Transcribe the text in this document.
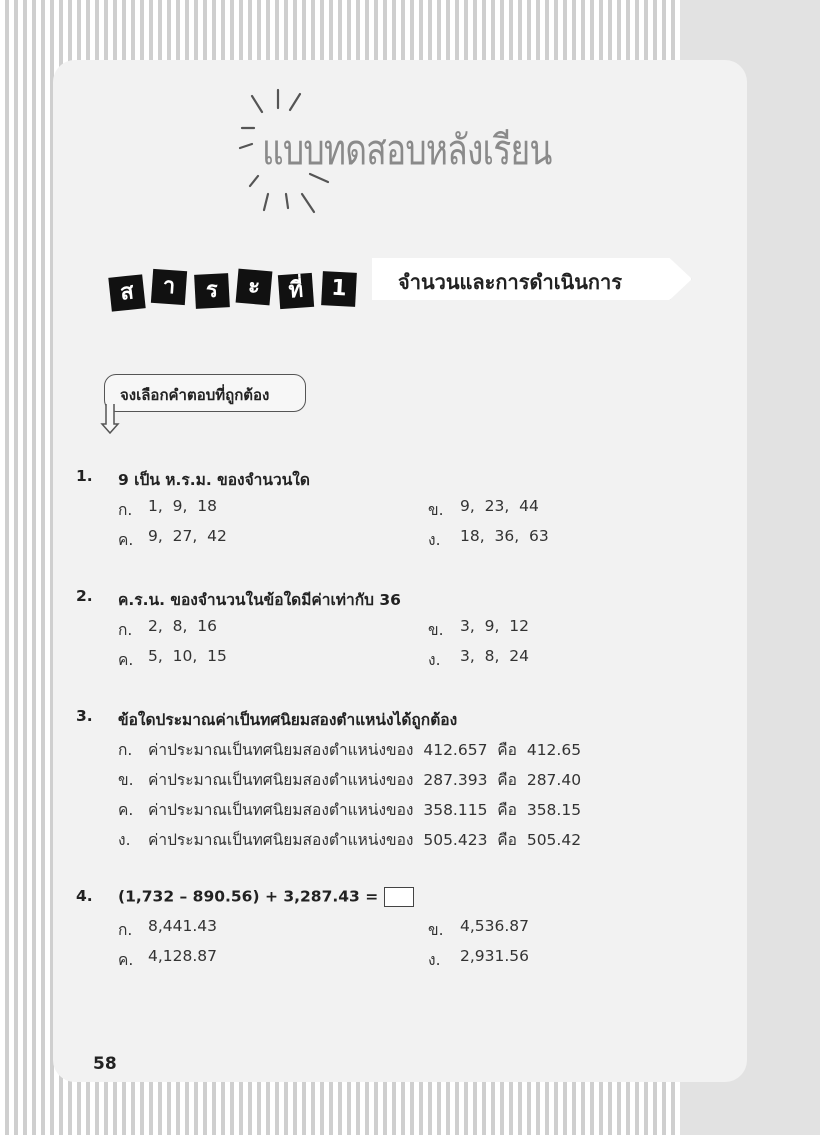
แบบทดสอบหลังเรียน
ส	า	ร	ะ	ที่	1	จำนวนและการดำเนินการ
จงเลือกคำตอบที่ถูกต้อง
1. 9 เป็น ห.ร.ม. ของจำนวนใด
ก. 1,  9,  18	ข. 9,  23,  44
ค. 9,  27,  42	ง. 18,  36,  63
2. ค.ร.น. ของจำนวนในข้อใดมีค่าเท่ากับ 36
ก. 2,  8,  16	ข. 3,  9,  12
ค. 5,  10,  15	ง. 3,  8,  24
3. ข้อใดประมาณค่าเป็นทศนิยมสองตำแหน่งได้ถูกต้อง
ก. ค่าประมาณเป็นทศนิยมสองตำแหน่งของ  412.657  คือ  412.65
ข. ค่าประมาณเป็นทศนิยมสองตำแหน่งของ  287.393  คือ  287.40
ค. ค่าประมาณเป็นทศนิยมสองตำแหน่งของ  358.115  คือ  358.15
ง. ค่าประมาณเป็นทศนิยมสองตำแหน่งของ  505.423  คือ  505.42
4. (1,732 – 890.56) + 3,287.43 =
ก. 8,441.43	ข. 4,536.87
ค. 4,128.87	ง. 2,931.56
58
